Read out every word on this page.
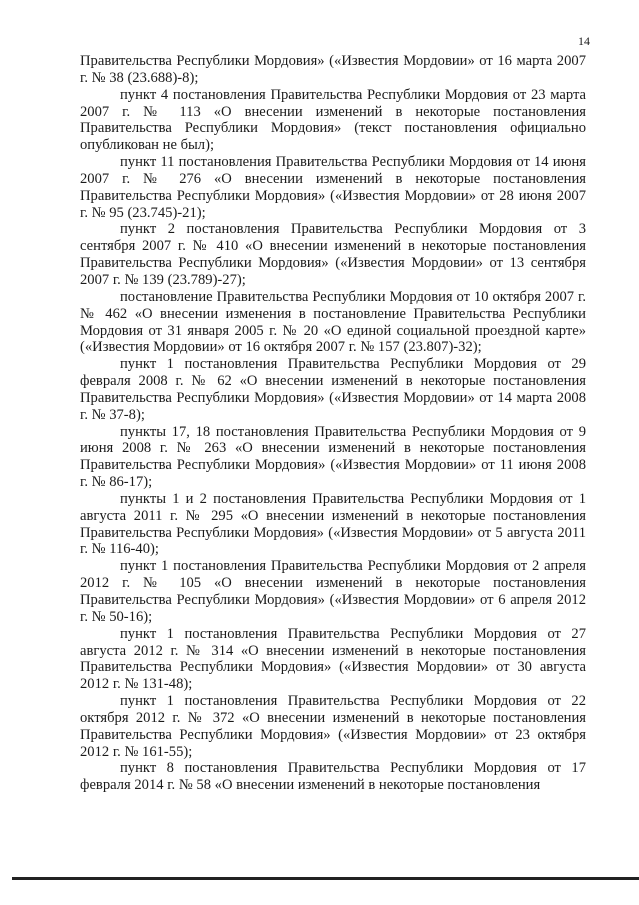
14

Правительства Республики Мордовия» («Известия Мордовии» от 16 марта 2007 г. № 38 (23.688)-8);

пункт 4 постановления Правительства Республики Мордовия от 23 марта 2007 г. № 113 «О внесении изменений в некоторые постановления Правительства Республики Мордовия» (текст постановления официально опубликован не был);

пункт 11 постановления Правительства Республики Мордовия от 14 июня 2007 г. № 276 «О внесении изменений в некоторые постановления Правительства Республики Мордовия» («Известия Мордовии» от 28 июня 2007 г. № 95 (23.745)-21);

пункт 2 постановления Правительства Республики Мордовия от 3 сентября 2007 г. № 410 «О внесении изменений в некоторые постановления Правительства Республики Мордовия» («Известия Мордовии» от 13 сентября 2007 г. № 139 (23.789)-27);

постановление Правительства Республики Мордовия от 10 октября 2007 г. № 462 «О внесении изменения в постановление Правительства Республики Мордовия от 31 января 2005 г. № 20 «О единой социальной проездной карте» («Известия Мордовии» от 16 октября 2007 г. № 157 (23.807)-32);

пункт 1 постановления Правительства Республики Мордовия от 29 февраля 2008 г. № 62 «О внесении изменений в некоторые постановления Правительства Республики Мордовия» («Известия Мордовии» от 14 марта 2008 г. № 37-8);

пункты 17, 18 постановления Правительства Республики Мордовия от 9 июня 2008 г. № 263 «О внесении изменений в некоторые постановления Правительства Республики Мордовия» («Известия Мордовии» от 11 июня 2008 г. № 86-17);

пункты 1 и 2 постановления Правительства Республики Мордовия от 1 августа 2011 г. № 295 «О внесении изменений в некоторые постановления Правительства Республики Мордовия» («Известия Мордовии» от 5 августа 2011 г. № 116-40);

пункт 1 постановления Правительства Республики Мордовия от 2 апреля 2012 г. № 105 «О внесении изменений в некоторые постановления Правительства Республики Мордовия» («Известия Мордовии» от 6 апреля 2012 г. № 50-16);

пункт 1 постановления Правительства Республики Мордовия от 27 августа 2012 г. № 314 «О внесении изменений в некоторые постановления Правительства Республики Мордовия» («Известия Мордовии» от 30 августа 2012 г. № 131-48);

пункт 1 постановления Правительства Республики Мордовия от 22 октября 2012 г. № 372 «О внесении изменений в некоторые постановления Правительства Республики Мордовия» («Известия Мордовии» от 23 октября 2012 г. № 161-55);

пункт 8 постановления Правительства Республики Мордовия от 17 февраля 2014 г. № 58 «О внесении изменений в некоторые постановления
